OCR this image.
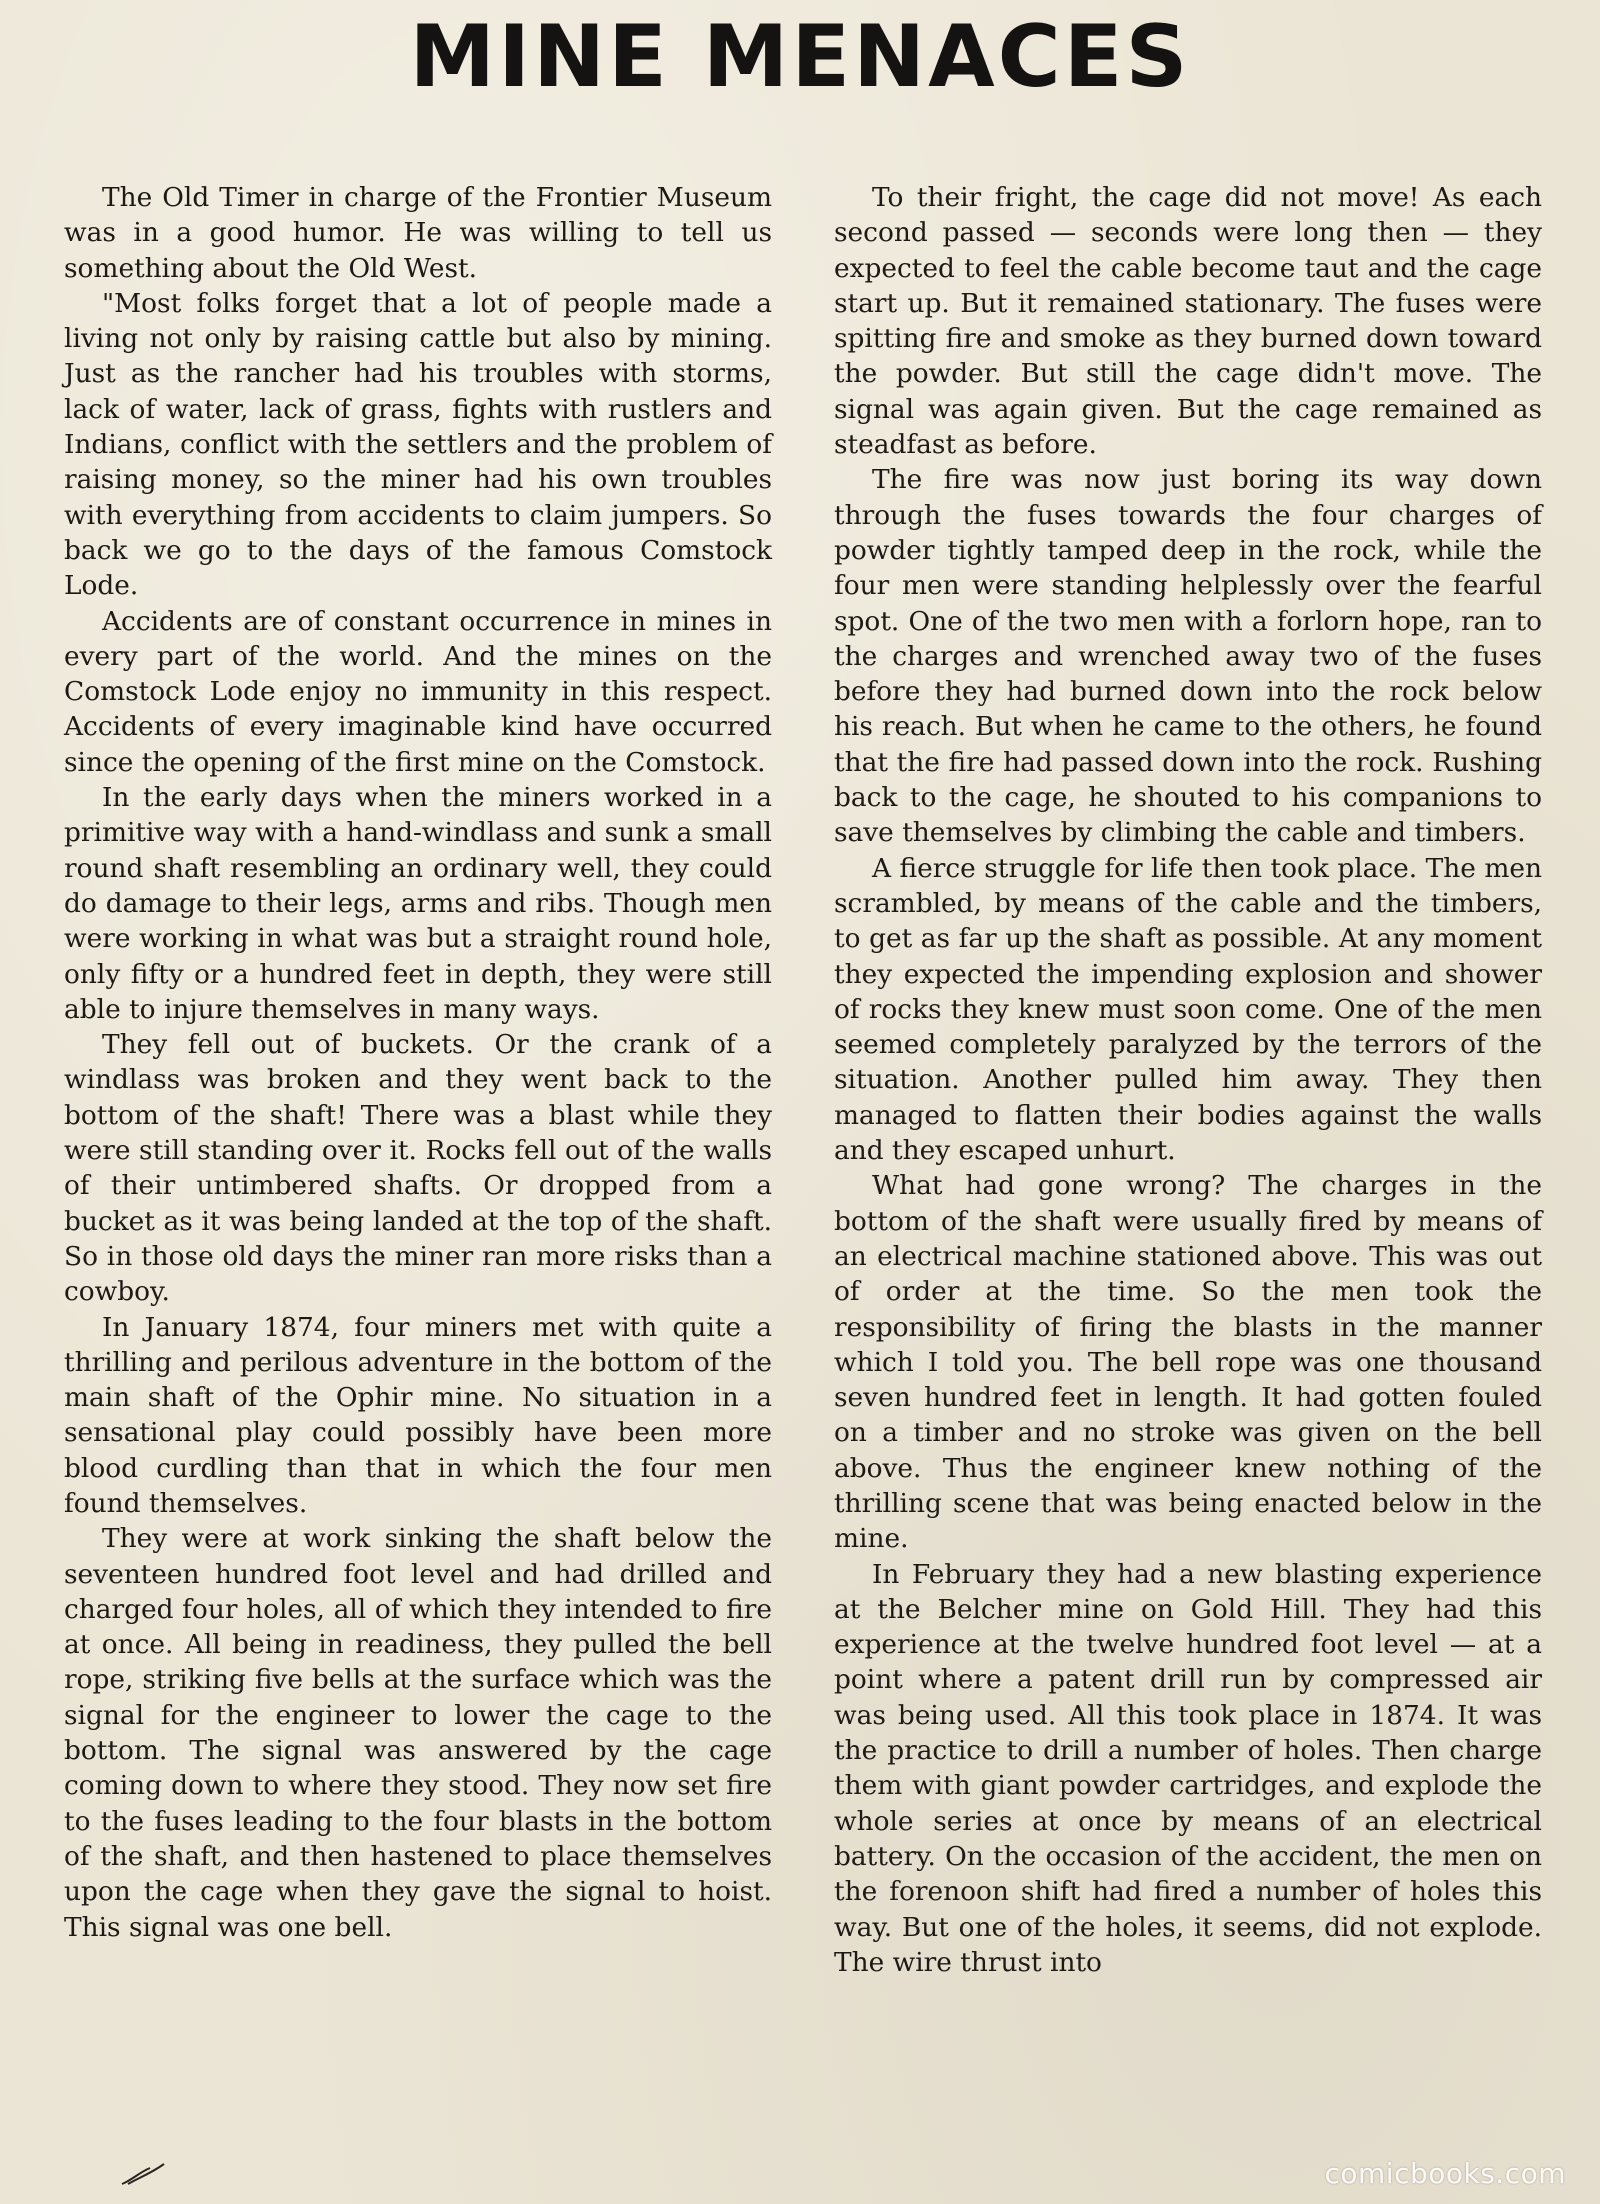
MINE MENACES

The Old Timer in charge of the Frontier Museum was in a good humor. He was willing to tell us something about the Old West.

"Most folks forget that a lot of people made a living not only by raising cattle but also by mining. Just as the rancher had his troubles with storms, lack of water, lack of grass, fights with rustlers and Indians, conflict with the settlers and the problem of raising money, so the miner had his own troubles with everything from accidents to claim jumpers. So back we go to the days of the famous Comstock Lode.

Accidents are of constant occurrence in mines in every part of the world. And the mines on the Comstock Lode enjoy no immunity in this respect. Accidents of every imaginable kind have occurred since the opening of the first mine on the Comstock.

In the early days when the miners worked in a primitive way with a hand-windlass and sunk a small round shaft resembling an ordinary well, they could do damage to their legs, arms and ribs. Though men were working in what was but a straight round hole, only fifty or a hundred feet in depth, they were still able to injure themselves in many ways.

They fell out of buckets. Or the crank of a windlass was broken and they went back to the bottom of the shaft! There was a blast while they were still standing over it. Rocks fell out of the walls of their untimbered shafts. Or dropped from a bucket as it was being landed at the top of the shaft. So in those old days the miner ran more risks than a cowboy.

In January 1874, four miners met with quite a thrilling and perilous adventure in the bottom of the main shaft of the Ophir mine. No situation in a sensational play could possibly have been more blood curdling than that in which the four men found themselves.

They were at work sinking the shaft below the seventeen hundred foot level and had drilled and charged four holes, all of which they intended to fire at once. All being in readiness, they pulled the bell rope, striking five bells at the surface which was the signal for the engineer to lower the cage to the bottom. The signal was answered by the cage coming down to where they stood. They now set fire to the fuses leading to the four blasts in the bottom of the shaft, and then hastened to place themselves upon the cage when they gave the signal to hoist. This signal was one bell.

To their fright, the cage did not move! As each second passed — seconds were long then — they expected to feel the cable become taut and the cage start up. But it remained stationary. The fuses were spitting fire and smoke as they burned down toward the powder. But still the cage didn't move. The signal was again given. But the cage remained as steadfast as before.

The fire was now just boring its way down through the fuses towards the four charges of powder tightly tamped deep in the rock, while the four men were standing helplessly over the fearful spot. One of the two men with a forlorn hope, ran to the charges and wrenched away two of the fuses before they had burned down into the rock below his reach. But when he came to the others, he found that the fire had passed down into the rock. Rushing back to the cage, he shouted to his companions to save themselves by climbing the cable and timbers.

A fierce struggle for life then took place. The men scrambled, by means of the cable and the timbers, to get as far up the shaft as possible. At any moment they expected the impending explosion and shower of rocks they knew must soon come. One of the men seemed completely paralyzed by the terrors of the situation. Another pulled him away. They then managed to flatten their bodies against the walls and they escaped unhurt.

What had gone wrong? The charges in the bottom of the shaft were usually fired by means of an electrical machine stationed above. This was out of order at the time. So the men took the responsibility of firing the blasts in the manner which I told you. The bell rope was one thousand seven hundred feet in length. It had gotten fouled on a timber and no stroke was given on the bell above. Thus the engineer knew nothing of the thrilling scene that was being enacted below in the mine.

In February they had a new blasting experience at the Belcher mine on Gold Hill. They had this experience at the twelve hundred foot level — at a point where a patent drill run by compressed air was being used. All this took place in 1874. It was the practice to drill a number of holes. Then charge them with giant powder cartridges, and explode the whole series at once by means of an electrical battery. On the occasion of the accident, the men on the forenoon shift had fired a number of holes this way. But one of the holes, it seems, did not explode. The wire thrust into

comicbooks.com
